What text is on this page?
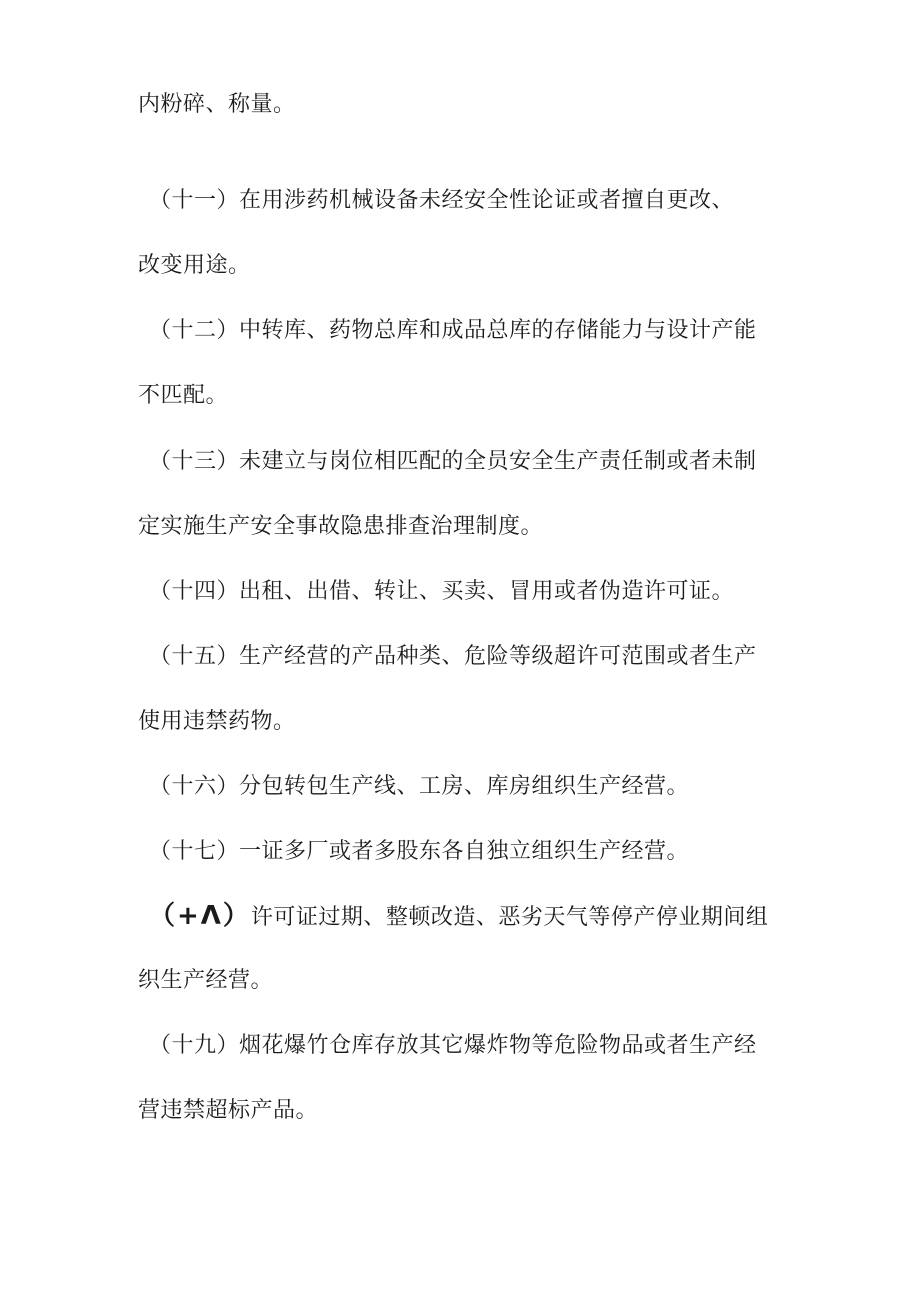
内粉碎、称量。
（十一）在用涉药机械设备未经安全性论证或者擅自更改、
改变用途。
（十二）中转库、药物总库和成品总库的存储能力与设计产能
不匹配。
（十三）未建立与岗位相匹配的全员安全生产责任制或者未制
定实施生产安全事故隐患排查治理制度。
（十四）出租、出借、转让、买卖、冒用或者伪造许可证。
（十五）生产经营的产品种类、危险等级超许可范围或者生产
使用违禁药物。
（十六）分包转包生产线、工房、库房组织生产经营。
（十七）一证多厂或者多股东各自独立组织生产经营。
（+Λ）许可证过期、整顿改造、恶劣天气等停产停业期间组
织生产经营。
（十九）烟花爆竹仓库存放其它爆炸物等危险物品或者生产经
营违禁超标产品。
